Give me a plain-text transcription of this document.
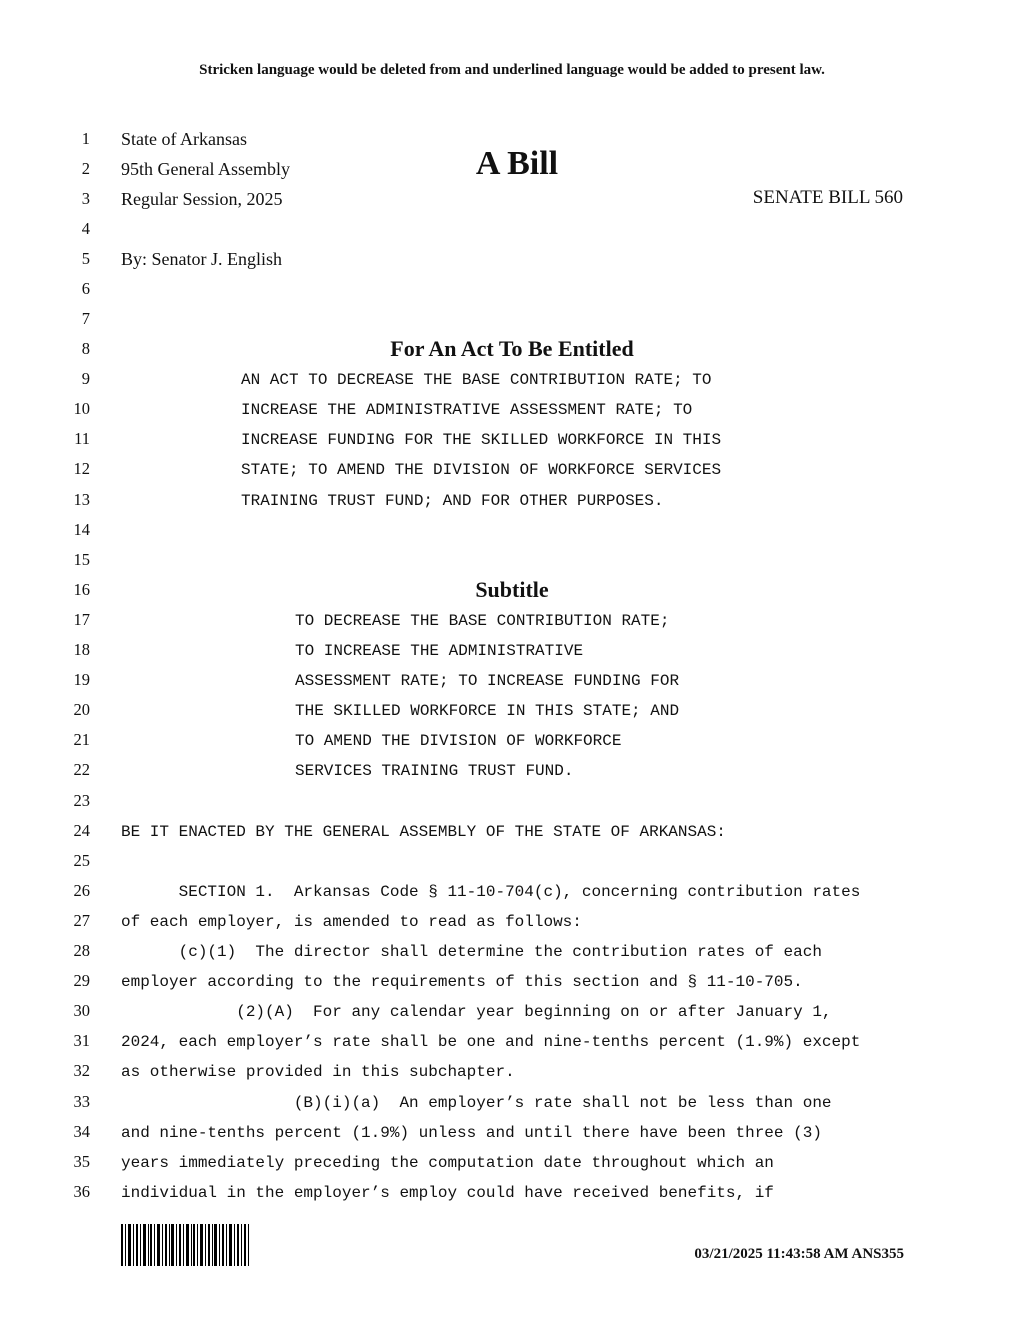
Stricken language would be deleted from and underlined language would be added to present law.
1
2
3
4
5
6
7
8
9
10
11
12
13
14
15
16
17
18
19
20
21
22
23
24
25
26
27
28
29
30
31
32
33
34
35
36
State of Arkansas
95th General Assembly
Regular Session, 2025
A Bill
SENATE BILL 560
By: Senator J. English
For An Act To Be Entitled
AN ACT TO DECREASE THE BASE CONTRIBUTION RATE; TO
INCREASE THE ADMINISTRATIVE ASSESSMENT RATE; TO
INCREASE FUNDING FOR THE SKILLED WORKFORCE IN THIS
STATE; TO AMEND THE DIVISION OF WORKFORCE SERVICES
TRAINING TRUST FUND; AND FOR OTHER PURPOSES.
Subtitle
TO DECREASE THE BASE CONTRIBUTION RATE;
TO INCREASE THE ADMINISTRATIVE
ASSESSMENT RATE; TO INCREASE FUNDING FOR
THE SKILLED WORKFORCE IN THIS STATE; AND
TO AMEND THE DIVISION OF WORKFORCE
SERVICES TRAINING TRUST FUND.
BE IT ENACTED BY THE GENERAL ASSEMBLY OF THE STATE OF ARKANSAS:
SECTION 1.  Arkansas Code § 11-10-704(c), concerning contribution rates
of each employer, is amended to read as follows:
(c)(1)  The director shall determine the contribution rates of each
employer according to the requirements of this section and § 11-10-705.
(2)(A)  For any calendar year beginning on or after January 1,
2024, each employer’s rate shall be one and nine-tenths percent (1.9%) except
as otherwise provided in this subchapter.
(B)(i)(a)  An employer’s rate shall not be less than one
and nine-tenths percent (1.9%) unless and until there have been three (3)
years immediately preceding the computation date throughout which an
individual in the employer’s employ could have received benefits, if
03/21/2025 11:43:58 AM ANS355
